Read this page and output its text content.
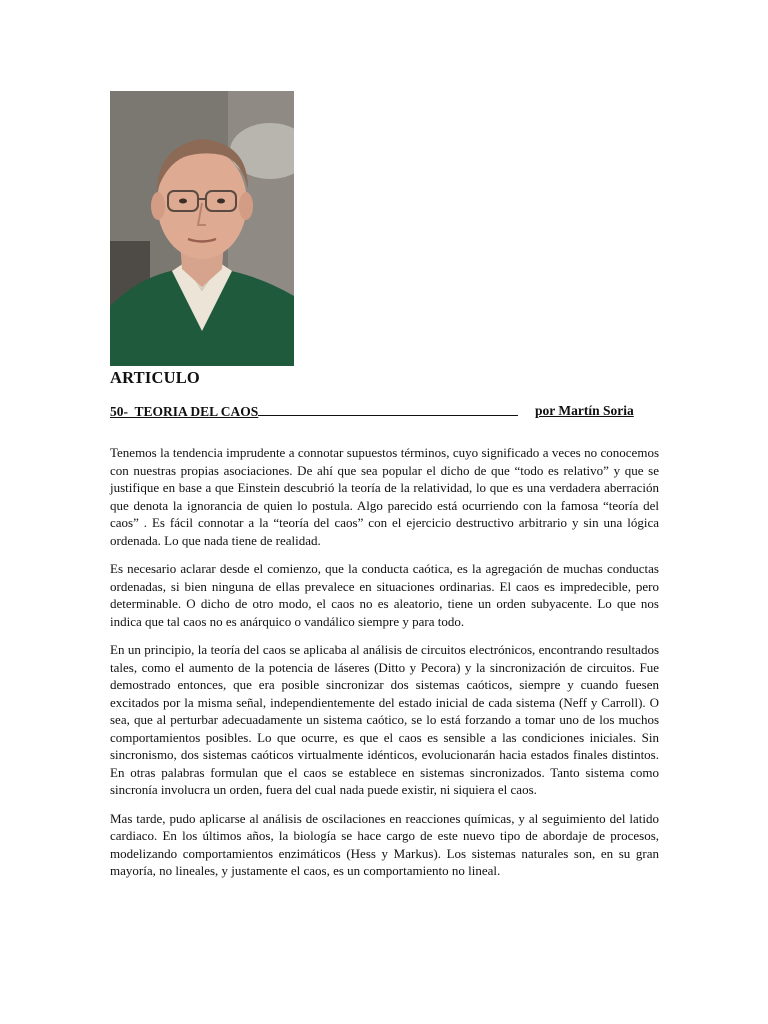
ARTICULO
50- TEORIA DEL CAOS	por Martín Soria

Tenemos la tendencia imprudente a connotar supuestos términos, cuyo significado a veces no conocemos con nuestras propias asociaciones. De ahí que sea popular el dicho de que “todo es relativo” y que se justifique en base a que Einstein descubrió la teoría de la relatividad, lo que es una verdadera aberración que denota la ignorancia de quien lo postula. Algo parecido está ocurriendo con la famosa “teoría del caos” . Es fácil connotar a la “teoría del caos” con el ejercicio destructivo arbitrario y sin una lógica ordenada. Lo que nada tiene de realidad.

Es necesario aclarar desde el comienzo, que la conducta caótica, es la agregación de muchas conductas ordenadas, si bien ninguna de ellas prevalece en situaciones ordinarias. El caos es impredecible, pero determinable. O dicho de otro modo, el caos no es aleatorio, tiene un orden subyacente. Lo que nos indica que tal caos no es anárquico o vandálico siempre y para todo.

En un principio, la teoría del caos se aplicaba al análisis de circuitos electrónicos, encontrando resultados tales, como el aumento de la potencia de láseres (Ditto y Pecora) y la sincronización de circuitos. Fue demostrado entonces, que era posible sincronizar dos sistemas caóticos, siempre y cuando fuesen excitados por la misma señal, independientemente del estado inicial de cada sistema (Neff y Carroll). O sea, que al perturbar adecuadamente un sistema caótico, se lo está forzando a tomar uno de los muchos comportamientos posibles. Lo que ocurre, es que el caos es sensible a las condiciones iniciales. Sin sincronismo, dos sistemas caóticos virtualmente idénticos, evolucionarán hacia estados finales distintos. En otras palabras formulan que el caos se establece en sistemas sincronizados. Tanto sistema como sincronía involucra un orden, fuera del cual nada puede existir, ni siquiera el caos.

Mas tarde, pudo aplicarse al análisis de oscilaciones en reacciones químicas, y al seguimiento del latido cardiaco. En los últimos años, la biología se hace cargo de este nuevo tipo de abordaje de procesos, modelizando comportamientos enzimáticos (Hess y Markus). Los sistemas naturales son, en su gran mayoría, no lineales, y justamente el caos, es un comportamiento no lineal.
